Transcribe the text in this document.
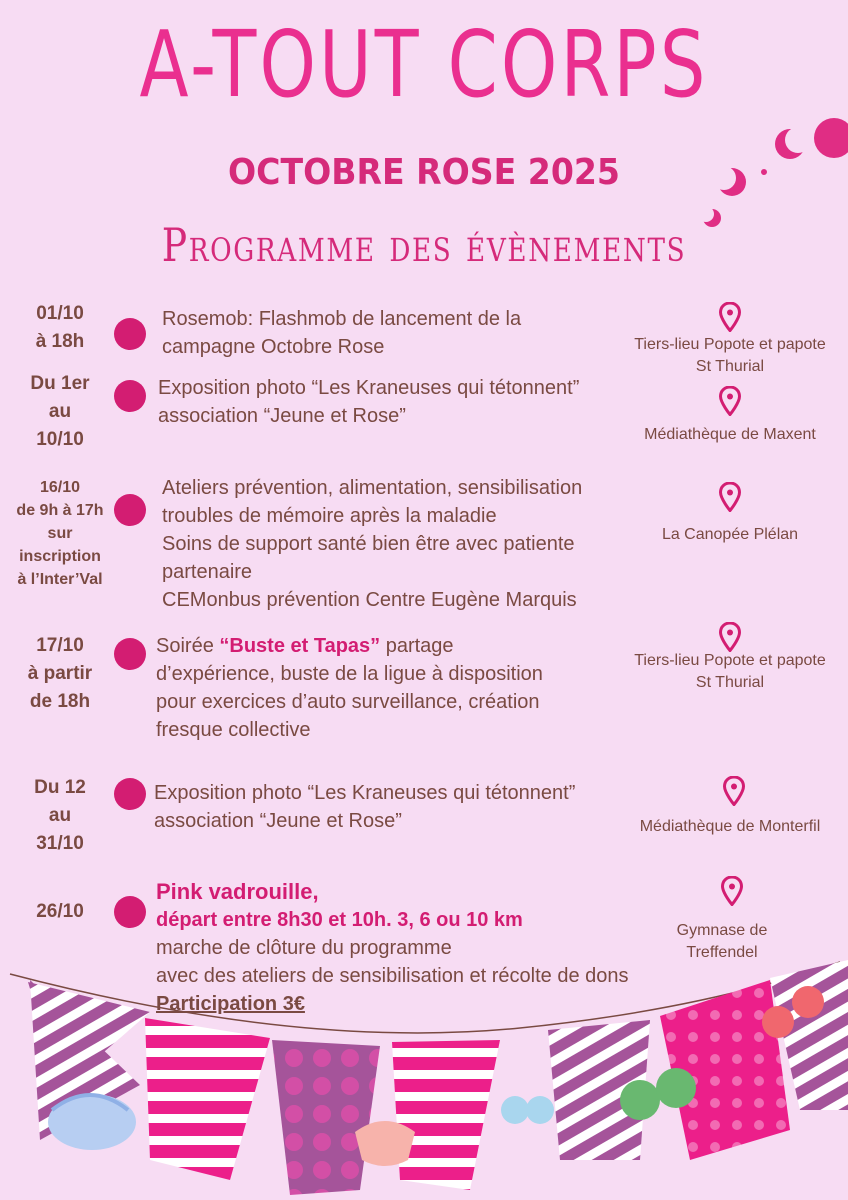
A-TOUT CORPS
OCTOBRE ROSE 2025
Programme des évènements
01/10
à 18h
Rosemob: Flashmob de lancement de la
campagne Octobre Rose	Tiers-lieu Popote et papote
St Thurial
Du 1er
au
10/10
Exposition photo “Les Kraneuses qui tétonnent”
association “Jeune et Rose”
Médiathèque de Maxent
16/10
de 9h à 17h
sur
inscription
à l’Inter’Val
Ateliers prévention, alimentation, sensibilisation
troubles de mémoire après la maladie
Soins de support santé bien être avec patiente
partenaire
CEMonbus prévention Centre Eugène Marquis
La Canopée Plélan
17/10
à partir
de 18h
Soirée “Buste et Tapas” partage
d’expérience, buste de la ligue à disposition
pour exercices d’auto surveillance, création
fresque collective
Tiers-lieu Popote et papote
St Thurial
Du 12
au
31/10
Exposition photo “Les Kraneuses qui tétonnent”
association “Jeune et Rose”	Médiathèque de Monterfil
26/10
Pink vadrouille,
départ entre 8h30 et 10h. 3, 6 ou 10 km
marche de clôture du programme
avec des ateliers de sensibilisation et récolte de dons
Participation 3€
Gymnase de
Treffendel
